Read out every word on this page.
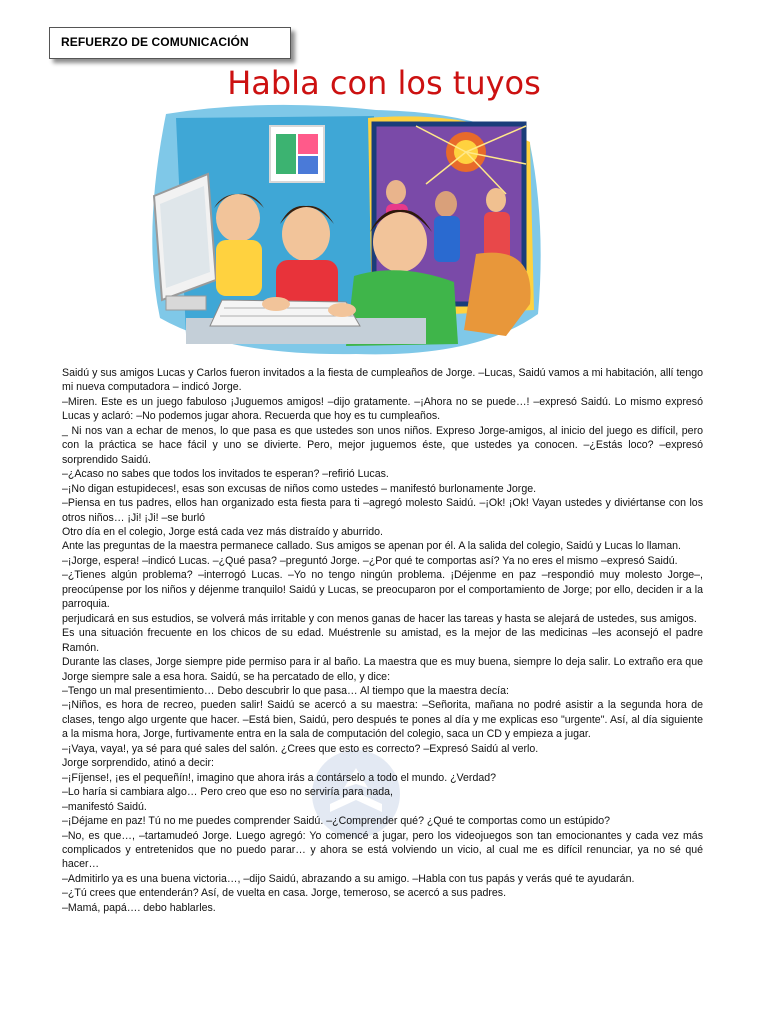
REFUERZO DE COMUNICACIÓN
Habla con los tuyos

Saidú y sus amigos Lucas y Carlos fueron invitados a la fiesta de cumpleaños de Jorge. –Lucas, Saidú vamos a mi habitación, allí tengo mi nueva computadora – indicó Jorge.

–Miren. Este es un juego fabuloso ¡Juguemos amigos! –dijo gratamente. –¡Ahora no se puede…! –expresó Saidú. Lo mismo expresó Lucas y aclaró: –No podemos jugar ahora. Recuerda que hoy es tu cumpleaños.

_ Ni nos van a echar de menos, lo que pasa es que ustedes son unos niños. Expreso Jorge-amigos, al inicio del juego es difícil, pero con la práctica se hace fácil y uno se divierte. Pero, mejor juguemos éste, que ustedes ya conocen. –¿Estás loco? –expresó sorprendido Saidú.

–¿Acaso no sabes que todos los invitados te esperan? –refirió Lucas.

–¡No digan estupideces!, esas son excusas de niños como ustedes – manifestó burlonamente Jorge.

–Piensa en tus padres, ellos han organizado esta fiesta para ti –agregó molesto Saidú. –¡Ok! ¡Ok! Vayan ustedes y diviértanse con los otros niños… ¡Ji! ¡Ji! –se burló

Otro día en el colegio, Jorge está cada vez más distraído y aburrido.

Ante las preguntas de la maestra permanece callado. Sus amigos se apenan por él. A la salida del colegio, Saidú y Lucas lo llaman.

–¡Jorge, espera! –indicó Lucas. –¿Qué pasa? –preguntó Jorge. –¿Por qué te comportas así? Ya no eres el mismo –expresó Saidú.

–¿Tienes algún problema? –interrogó Lucas. –Yo no tengo ningún problema. ¡Déjenme en paz –respondió muy molesto Jorge–, preocúpense por los niños y déjenme tranquilo! Saidú y Lucas, se preocuparon por el comportamiento de Jorge; por ello, deciden ir a la parroquia.

perjudicará en sus estudios, se volverá más irritable y con menos ganas de hacer las tareas y hasta se alejará de ustedes, sus amigos.

Es una situación frecuente en los chicos de su edad. Muéstrenle su amistad, es la mejor de las medicinas –les aconsejó el padre Ramón.

Durante las clases, Jorge siempre pide permiso para ir al baño. La maestra que es muy buena, siempre lo deja salir. Lo extraño era que Jorge siempre sale a esa hora. Saidú, se ha percatado de ello, y dice:

–Tengo un mal presentimiento… Debo descubrir lo que pasa… Al tiempo que la maestra decía:

–¡Niños, es hora de recreo, pueden salir! Saidú se acercó a su maestra: –Señorita, mañana no podré asistir a la segunda hora de clases, tengo algo urgente que hacer. –Está bien, Saidú, pero después te pones al día y me explicas eso "urgente". Así, al día siguiente a la misma hora, Jorge, furtivamente entra en la sala de computación del colegio, saca un CD y empieza a jugar.

–¡Vaya, vaya!, ya sé para qué sales del salón. ¿Crees que esto es correcto? –Expresó Saidú al verlo.

Jorge sorprendido, atinó a decir:

–¡Fíjense!, ¡es el pequeñín!, imagino que ahora irás a contárselo a todo el mundo. ¿Verdad?

–Lo haría si cambiara algo… Pero creo que eso no serviría para nada,

–manifestó Saidú.

–¡Déjame en paz! Tú no me puedes comprender Saidú. –¿Comprender qué? ¿Qué te comportas como un estúpido?

–No, es que…, –tartamudeó Jorge. Luego agregó: Yo comencé a jugar, pero los videojuegos son tan emocionantes y cada vez más complicados y entretenidos que no puedo parar… y ahora se está volviendo un vicio, al cual me es difícil renunciar, ya no sé qué hacer…

–Admitirlo ya es una buena victoria…, –dijo Saidú, abrazando a su amigo. –Habla con tus papás y verás qué te ayudarán.

–¿Tú crees que entenderán? Así, de vuelta en casa. Jorge, temeroso, se acercó a sus padres.

–Mamá, papá…. debo hablarles.
